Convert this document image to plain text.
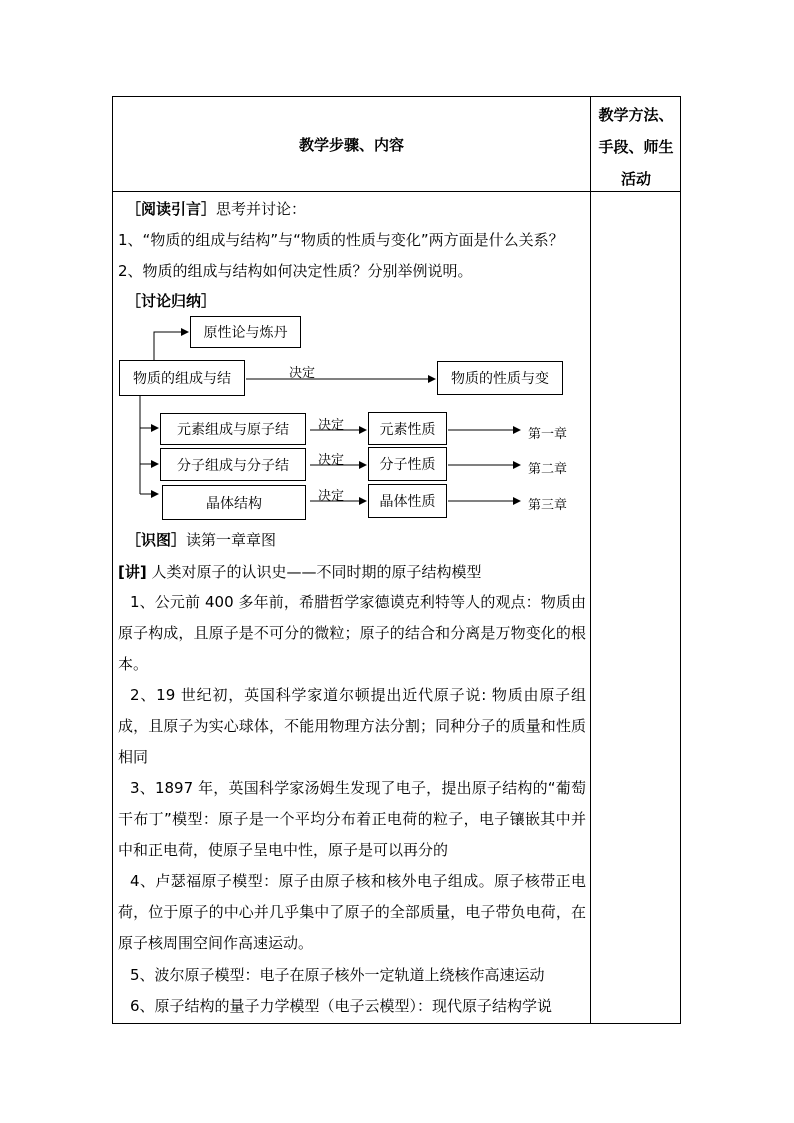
教学步骤、内容
教学方法、
手段、师生
活动
［阅读引言］思考并讨论：
1、“物质的组成与结构”与“物质的性质与变化”两方面是什么关系？
2、物质的组成与结构如何决定性质？分别举例说明。
［讨论归纳］
原性论与炼丹
物质的组成与结	决定	物质的性质与变
元素组成与原子结	决定	元素性质	第一章
分子组成与分子结	决定	分子性质	第二章
晶体结构	决定	晶体性质	第三章
［识图］读第一章章图
[讲] 人类对原子的认识史——不同时期的原子结构模型
1、公元前 400 多年前，希腊哲学家德谟克利特等人的观点：物质由原子构成，且原子是不可分的微粒；原子的结合和分离是万物变化的根本。
2、19 世纪初，英国科学家道尔顿提出近代原子说: 物质由原子组成，且原子为实心球体，不能用物理方法分割；同种分子的质量和性质相同
3、1897 年，英国科学家汤姆生发现了电子，提出原子结构的“葡萄干布丁”模型：原子是一个平均分布着正电荷的粒子，电子镶嵌其中并中和正电荷，使原子呈电中性，原子是可以再分的
4、卢瑟福原子模型：原子由原子核和核外电子组成。原子核带正电荷，位于原子的中心并几乎集中了原子的全部质量，电子带负电荷，在原子核周围空间作高速运动。
5、波尔原子模型：电子在原子核外一定轨道上绕核作高速运动
6、原子结构的量子力学模型（电子云模型）：现代原子结构学说
